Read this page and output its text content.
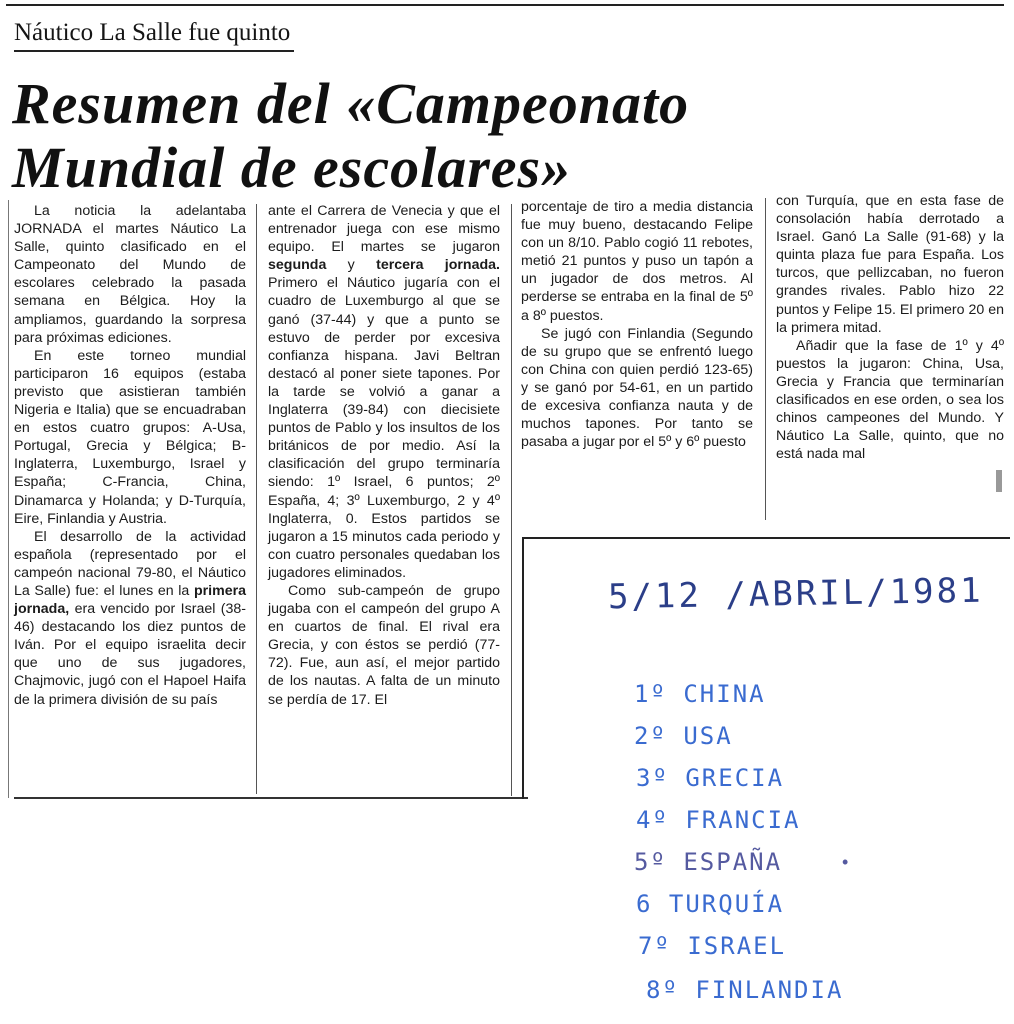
Náutico La Salle fue quinto
Resumen del «Campeonato Mundial de escolares»

La noticia la adelantaba JORNADA el martes Náutico La Salle, quinto clasificado en el Campeonato del Mundo de escolares celebrado la pasada semana en Bélgica. Hoy la ampliamos, guardando la sorpresa para próximas ediciones.

En este torneo mundial participaron 16 equipos (estaba previsto que asistieran también Nigeria e Italia) que se encuadraban en estos cuatro grupos: A-Usa, Portugal, Grecia y Bélgica; B-Inglaterra, Luxemburgo, Israel y España; C-Francia, China, Dinamarca y Holanda; y D-Turquía, Eire, Finlandia y Austria.

El desarrollo de la actividad española (representado por el campeón nacional 79-80, el Náutico La Salle) fue: el lunes en la primera jornada, era vencido por Israel (38-46) destacando los diez puntos de Iván. Por el equipo israelita decir que uno de sus jugadores, Chajmovic, jugó con el Hapoel Haifa de la primera división de su país

ante el Carrera de Venecia y que el entrenador juega con ese mismo equipo. El martes se jugaron segunda y tercera jornada. Primero el Náutico jugaría con el cuadro de Luxemburgo al que se ganó (37-44) y que a punto se estuvo de perder por excesiva confianza hispana. Javi Beltran destacó al poner siete tapones. Por la tarde se volvió a ganar a Inglaterra (39-84) con diecisiete puntos de Pablo y los insultos de los británicos de por medio. Así la clasificación del grupo terminaría siendo: 1º Israel, 6 puntos; 2º España, 4; 3º Luxemburgo, 2 y 4º Inglaterra, 0. Estos partidos se jugaron a 15 minutos cada periodo y con cuatro personales quedaban los jugadores eliminados.

Como sub-campeón de grupo jugaba con el campeón del grupo A en cuartos de final. El rival era Grecia, y con éstos se perdió (77-72). Fue, aun así, el mejor partido de los nautas. A falta de un minuto se perdía de 17. El

porcentaje de tiro a media distancia fue muy bueno, destacando Felipe con un 8/10. Pablo cogió 11 rebotes, metió 21 puntos y puso un tapón a un jugador de dos metros. Al perderse se entraba en la final de 5º a 8º puestos.

Se jugó con Finlandia (Segundo de su grupo que se enfrentó luego con China con quien perdió 123-65) y se ganó por 54-61, en un partido de excesiva confianza nauta y de muchos tapones. Por tanto se pasaba a jugar por el 5º y 6º puesto

con Turquía, que en esta fase de consolación había derrotado a Israel. Ganó La Salle (91-68) y la quinta plaza fue para España. Los turcos, que pellizcaban, no fueron grandes rivales. Pablo hizo 22 puntos y Felipe 15. El primero 20 en la primera mitad.

Añadir que la fase de 1º y 4º puestos la jugaron: China, Usa, Grecia y Francia que terminarían clasificados en ese orden, o sea los chinos campeones del Mundo. Y Náutico La Salle, quinto, que no está nada mal

5/12 /ABRIL/1981
1º CHINA
2º USA
3º GRECIA
4º FRANCIA
5º ESPAÑA
6 TURQUÍA
7º ISRAEL
8º FINLANDIA
•
